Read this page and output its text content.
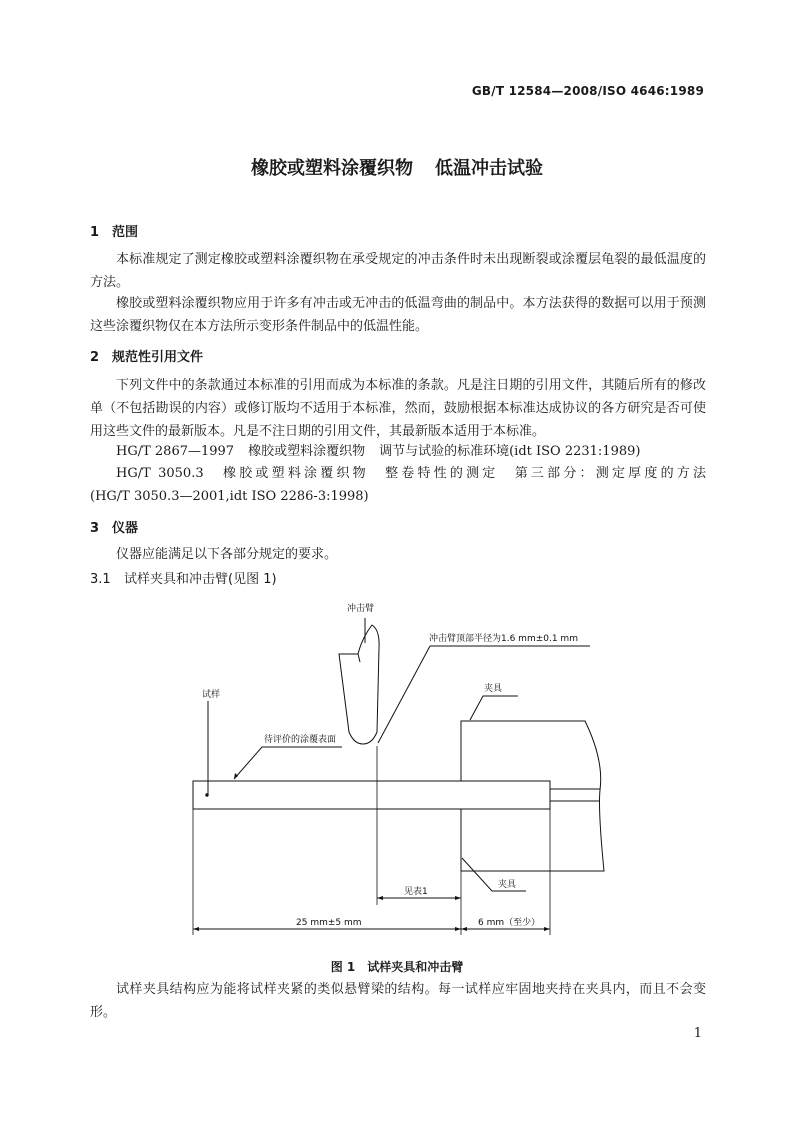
GB/T 12584—2008/ISO 4646:1989
橡胶或塑料涂覆织物 低温冲击试验
1 范围
本标准规定了测定橡胶或塑料涂覆织物在承受规定的冲击条件时未出现断裂或涂覆层龟裂的最低温度的方法。
橡胶或塑料涂覆织物应用于许多有冲击或无冲击的低温弯曲的制品中。本方法获得的数据可以用于预测这些涂覆织物仅在本方法所示变形条件制品中的低温性能。
2 规范性引用文件
下列文件中的条款通过本标准的引用而成为本标准的条款。凡是注日期的引用文件，其随后所有的修改单（不包括勘误的内容）或修订版均不适用于本标准，然而，鼓励根据本标准达成协议的各方研究是否可使用这些文件的最新版本。凡是不注日期的引用文件，其最新版本适用于本标准。
HG/T 2867—1997 橡胶或塑料涂覆织物 调节与试验的标准环境(idt ISO 2231:1989)
HG/T 3050.3　橡胶或塑料涂覆织物　整卷特性的测定　第三部分：测定厚度的方法
(HG/T 3050.3—2001,idt ISO 2286-3:1998)
3 仪器
仪器应能满足以下各部分规定的要求。
3.1 试样夹具和冲击臂(见图 1)
冲击臂
冲击臂顶部半径为1.6 mm±0.1 mm
夹具
试样
待评价的涂覆表面
夹具
见表1
25 mm±5 mm	6 mm（至少）
图 1 试样夹具和冲击臂
试样夹具结构应为能将试样夹紧的类似悬臂梁的结构。每一试样应牢固地夹持在夹具内，而且不会变形。
1
